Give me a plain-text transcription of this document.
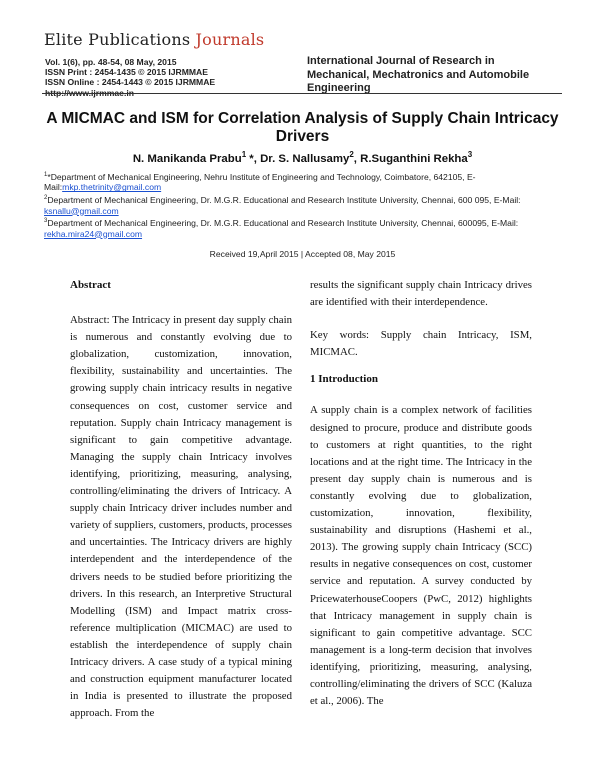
Elite Publications Journals
Vol. 1(6), pp. 48-54, 08 May, 2015
ISSN Print : 2454-1435 © 2015 IJRMMAE
ISSN Online : 2454-1443 © 2015 IJRMMAE
http://www.ijrmmae.in
International Journal of Research in Mechanical, Mechatronics and Automobile Engineering
A MICMAC and ISM for Correlation Analysis of Supply Chain Intricacy Drivers
N. Manikanda Prabu$^1$ *, Dr. S. Nallusamy$^2$, R.Suganthini Rekha$^3$
$^1$*Department of Mechanical Engineering, Nehru Institute of Engineering and Technology, Coimbatore, 642105, E-Mail:mkp.thetrinity@gmail.com
$^2$Department of Mechanical Engineering, Dr. M.G.R. Educational and Research Institute University, Chennai, 600 095, E-Mail: ksnallu@gmail.com
$^3$Department of Mechanical Engineering, Dr. M.G.R. Educational and Research Institute University, Chennai, 600095, E-Mail: rekha.mira24@gmail.com
Received 19,April 2015 | Accepted 08, May 2015
Abstract

Abstract: The Intricacy in present day supply chain is numerous and constantly evolving due to globalization, customization, innovation, flexibility, sustainability and uncertainties. The growing supply chain intricacy results in negative consequences on cost, customer service and reputation. Supply chain Intricacy management is significant to gain competitive advantage. Managing the supply chain Intricacy involves identifying, prioritizing, measuring, analysing, controlling/eliminating the drivers of Intricacy. A supply chain Intricacy driver includes number and variety of suppliers, customers, products, processes and uncertainties. The Intricacy drivers are highly interdependent and the interdependence of the drivers needs to be studied before prioritizing the drivers. In this research, an Interpretive Structural Modelling (ISM) and Impact matrix cross-reference multiplication (MICMAC) are used to establish the interdependence of supply chain Intricacy drivers. A case study of a typical mining and construction equipment manufacturer located in India is presented to illustrate the proposed approach. From the

results the significant supply chain Intricacy drives are identified with their interdependence.

Key words: Supply chain Intricacy, ISM, MICMAC.

1 Introduction

A supply chain is a complex network of facilities designed to procure, produce and distribute goods to customers at right quantities, to the right locations and at the right time. The Intricacy in the present day supply chain is numerous and is constantly evolving due to globalization, customization, innovation, flexibility, sustainability and disruptions (Hashemi et al., 2013). The growing supply chain Intricacy (SCC) results in negative consequences on cost, customer service and reputation. A survey conducted by PricewaterhouseCoopers (PwC, 2012) highlights that Intricacy management in supply chain is significant to gain competitive advantage. SCC management is a long-term decision that involves identifying, prioritizing, measuring, analysing, controlling/eliminating the drivers of SCC (Kaluza et al., 2006). The
